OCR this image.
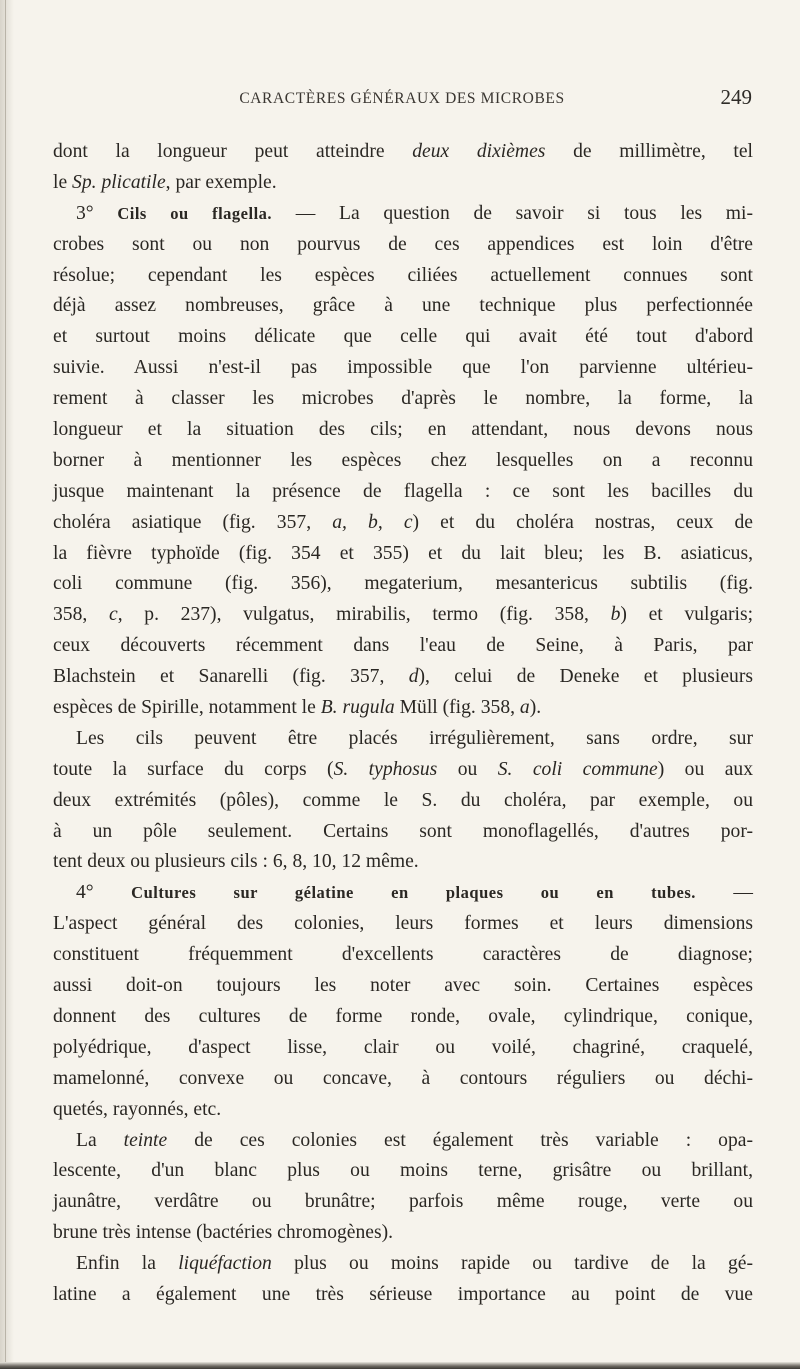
CARACTÈRES GÉNÉRAUX DES MICROBES	249
dont la longueur peut atteindre deux dixièmes de millimètre, tel
le Sp. plicatile, par exemple.
3° Cils ou flagella. — La question de savoir si tous les mi-
crobes sont ou non pourvus de ces appendices est loin d'être
résolue; cependant les espèces ciliées actuellement connues sont
déjà assez nombreuses, grâce à une technique plus perfectionnée
et surtout moins délicate que celle qui avait été tout d'abord
suivie. Aussi n'est-il pas impossible que l'on parvienne ultérieu-
rement à classer les microbes d'après le nombre, la forme, la
longueur et la situation des cils; en attendant, nous devons nous
borner à mentionner les espèces chez lesquelles on a reconnu
jusque maintenant la présence de flagella : ce sont les bacilles du
choléra asiatique (fig. 357, a, b, c) et du choléra nostras, ceux de
la fièvre typhoïde (fig. 354 et 355) et du lait bleu; les B. asiaticus,
coli commune (fig. 356), megaterium, mesantericus subtilis (fig.
358, c, p. 237), vulgatus, mirabilis, termo (fig. 358, b) et vulgaris;
ceux découverts récemment dans l'eau de Seine, à Paris, par
Blachstein et Sanarelli (fig. 357, d), celui de Deneke et plusieurs
espèces de Spirille, notamment le B. rugula Müll (fig. 358, a).
Les cils peuvent être placés irrégulièrement, sans ordre, sur
toute la surface du corps (S. typhosus ou S. coli commune) ou aux
deux extrémités (pôles), comme le S. du choléra, par exemple, ou
à un pôle seulement. Certains sont monoflagellés, d'autres por-
tent deux ou plusieurs cils : 6, 8, 10, 12 même.
4° Cultures sur gélatine en plaques ou en tubes. —
L'aspect général des colonies, leurs formes et leurs dimensions
constituent fréquemment d'excellents caractères de diagnose;
aussi doit-on toujours les noter avec soin. Certaines espèces
donnent des cultures de forme ronde, ovale, cylindrique, conique,
polyédrique, d'aspect lisse, clair ou voilé, chagriné, craquelé,
mamelonné, convexe ou concave, à contours réguliers ou déchi-
quetés, rayonnés, etc.
La teinte de ces colonies est également très variable : opa-
lescente, d'un blanc plus ou moins terne, grisâtre ou brillant,
jaunâtre, verdâtre ou brunâtre; parfois même rouge, verte ou
brune très intense (bactéries chromogènes).
Enfin la liquéfaction plus ou moins rapide ou tardive de la gé-
latine a également une très sérieuse importance au point de vue
